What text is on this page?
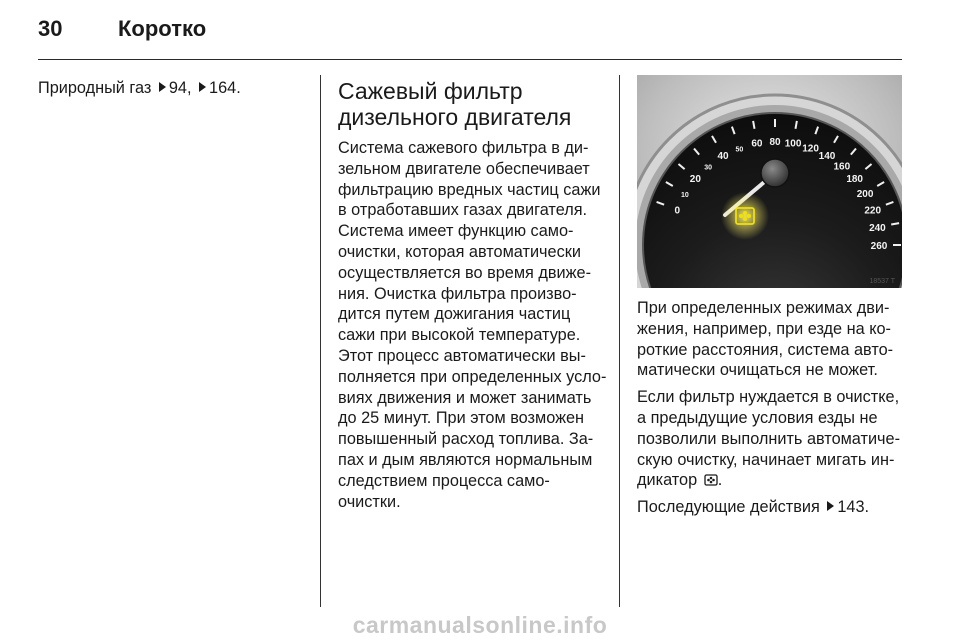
30	Коротко

Природный газ 94, 164.	Сажевый фильтр дизельного двигателя

Система сажевого фильтра в ди-зельном двигателе обеспечивает фильтрацию вредных частиц сажи в отработавших газах двигателя. Система имеет функцию само-очистки, которая автоматически осуществляется во время движе-ния. Очистка фильтра произво-дится путем дожигания частиц сажи при высокой температуре. Этот процесс автоматически вы-полняется при определенных усло-виях движения и может занимать до 25 минут. При этом возможен повышенный расход топлива. За-пах и дым являются нормальным следствием процесса само-очистки.

0
10
20
30
40
50
60 80 100 120
140
160
180
200
220
240
260
18537 T

При определенных режимах дви-жения, например, при езде на ко-роткие расстояния, система авто-матически очищаться не может.

Если фильтр нуждается в очистке, а предыдущие условия езды не позволили выполнить автоматиче-скую очистку, начинает мигать ин-дикатор .

Последующие действия 143.

carmanualsonline.info
